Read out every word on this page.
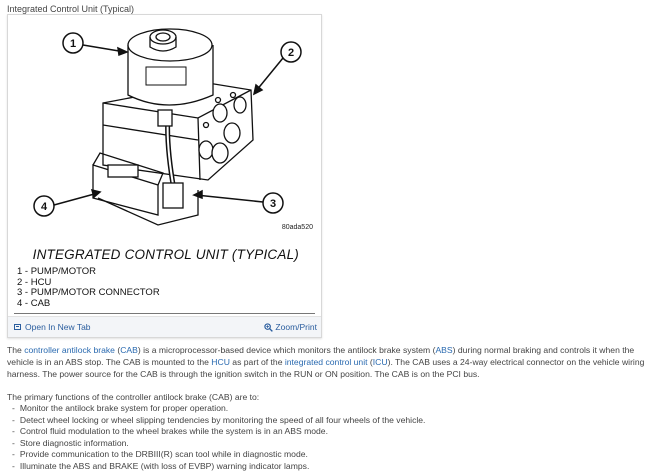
Integrated Control Unit (Typical)
1
2
3
4
80ada520
INTEGRATED CONTROL UNIT (TYPICAL)
1 - PUMP/MOTOR
2 - HCU
3 - PUMP/MOTOR CONNECTOR
4 - CAB
Open In New Tab	Zoom/Print
The controller antilock brake (CAB) is a microprocessor-based device which monitors the antilock brake system (ABS) during normal braking and controls it when the vehicle is in an ABS stop. The CAB is mounted to the HCU as part of the integrated control unit (ICU). The CAB uses a 24-way electrical connector on the vehicle wiring harness. The power source for the CAB is through the ignition switch in the RUN or ON position. The CAB is on the PCI bus.
The primary functions of the controller antilock brake (CAB) are to:
- Monitor the antilock brake system for proper operation.
- Detect wheel locking or wheel slipping tendencies by monitoring the speed of all four wheels of the vehicle.
- Control fluid modulation to the wheel brakes while the system is in an ABS mode.
- Store diagnostic information.
- Provide communication to the DRBIII(R) scan tool while in diagnostic mode.
- Illuminate the ABS and BRAKE (with loss of EVBP) warning indicator lamps.
